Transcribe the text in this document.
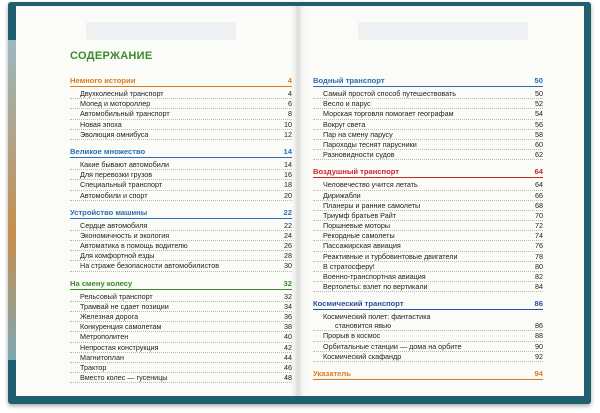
СОДЕРЖАНИЕ
Немного истории	4
Двухколесный транспорт	4
Мопед и мотороллер	6
Автомобильный транспорт	8
Новая эпоха	10
Эволюция омнибуса	12
Великое множество	14
Какие бывают автомобили	14
Для перевозки грузов	16
Специальный транспорт	18
Автомобили и спорт	20
Устройство машины	22
Сердце автомобиля	22
Экономичность и экология	24
Автоматика в помощь водителю	26
Для комфортной езды	28
На страже безопасности автомобилистов	30
На смену колесу	32
Рельсовый транспорт	32
Трамвай не сдает позиции	34
Железная дорога	36
Конкуренция самолетам	38
Метрополитен	40
Непростая конструкция	42
Магнитоплан	44
Трактор	46
Вместо колес — гусеницы	48
Водный транспорт	50
Самый простой способ путешествовать	50
Весло и парус	52
Морская торговля помогает географам	54
Вокруг света	56
Пар на смену парусу	58
Пароходы теснят парусники	60
Разновидности судов	62
Воздушный транспорт	64
Человечество учится летать	64
Дирижабли	66
Планеры и ранние самолеты	68
Триумф братьев Райт	70
Поршневые моторы	72
Рекордные самолеты	74
Пассажирская авиация	76
Реактивные и турбовинтовые двигатели	78
В стратосферу!	80
Военно-транспортная авиация	82
Вертолеты: взлет по вертикали	84
Космический транспорт	86
Космический полет: фантастика
становится явью	86
Прорыв в космос	88
Орбитальные станции — дома на орбите	90
Космический скафандр	92
Указатель	94
